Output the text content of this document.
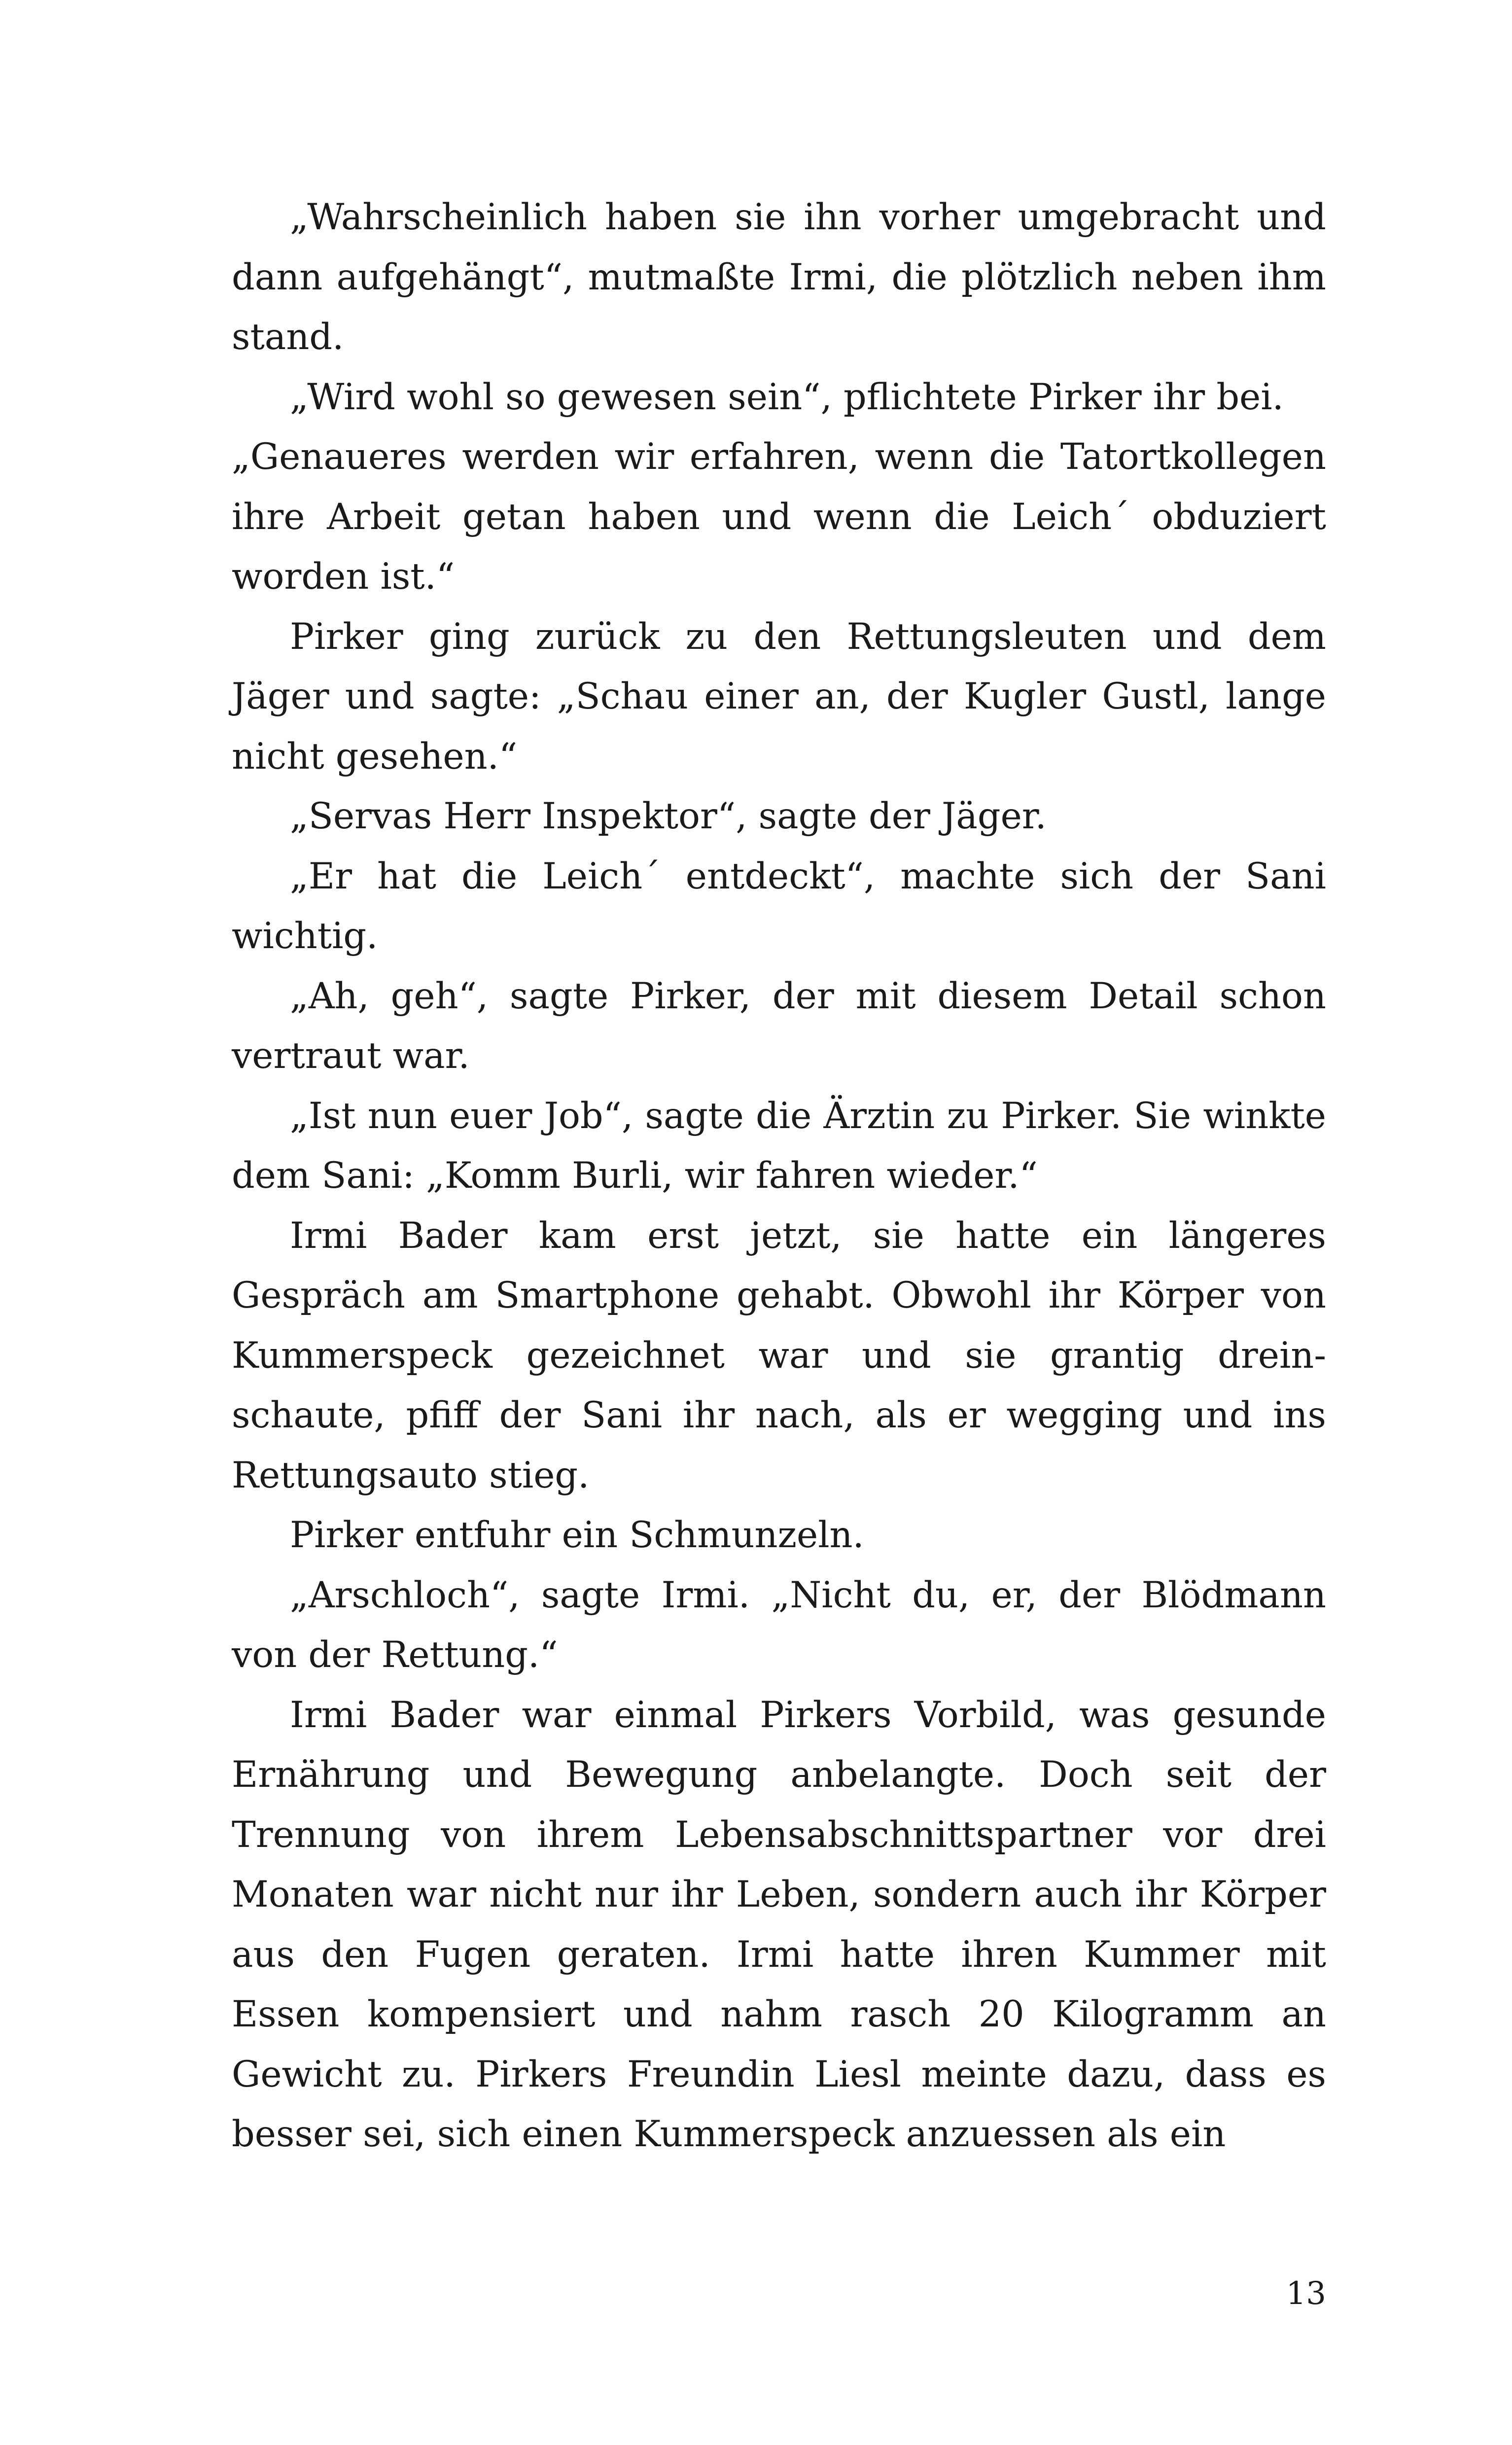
„Wahrscheinlich haben sie ihn vorher umgebracht und dann aufgehängt“, mutmaßte Irmi, die plötzlich neben ihm stand.

„Wird wohl so gewesen sein“, pflichtete Pirker ihr bei.

„Genaueres werden wir erfahren, wenn die Tatortkollegen ihre Arbeit getan haben und wenn die Leich´ obduziert worden ist.“

Pirker ging zurück zu den Rettungsleuten und dem Jäger und sagte: „Schau einer an, der Kugler Gustl, lange nicht gesehen.“

„Servas Herr Inspektor“, sagte der Jäger.

„Er hat die Leich´ entdeckt“, machte sich der Sani wichtig.

„Ah, geh“, sagte Pirker, der mit diesem Detail schon vertraut war.

„Ist nun euer Job“, sagte die Ärztin zu Pirker. Sie winkte dem Sani: „Komm Burli, wir fahren wieder.“

Irmi Bader kam erst jetzt, sie hatte ein längeres Gespräch am Smartphone gehabt. Obwohl ihr Körper von Kummerspeck gezeichnet war und sie grantig dreinschaute, pfiff der Sani ihr nach, als er wegging und ins Rettungsauto stieg.

Pirker entfuhr ein Schmunzeln.

„Arschloch“, sagte Irmi. „Nicht du, er, der Blödmann von der Rettung.“

Irmi Bader war einmal Pirkers Vorbild, was gesunde Ernährung und Bewegung anbelangte. Doch seit der Trennung von ihrem Lebensabschnittspartner vor drei Monaten war nicht nur ihr Leben, sondern auch ihr Körper aus den Fugen geraten. Irmi hatte ihren Kummer mit Essen kompensiert und nahm rasch 20 Kilogramm an Gewicht zu. Pirkers Freundin Liesl meinte dazu, dass es besser sei, sich einen Kummerspeck anzuessen als ein

13
